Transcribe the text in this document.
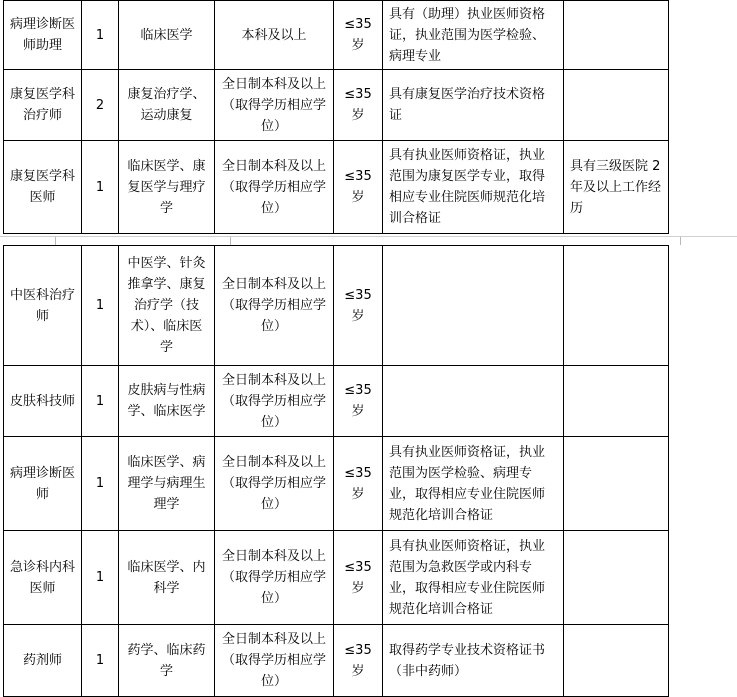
病理诊断医师助理	1	临床医学	本科及以上	≤35 岁	具有（助理）执业医师资格证，执业范围为医学检验、病理专业	
康复医学科治疗师	2	康复治疗学、运动康复	全日制本科及以上（取得学历相应学位）	≤35 岁	具有康复医学治疗技术资格证	
康复医学科医师	1	临床医学、康复医学与理疗学	全日制本科及以上（取得学历相应学位）	≤35 岁	具有执业医师资格证，执业范围为康复医学专业，取得相应专业住院医师规范化培训合格证	具有三级医院 2 年及以上工作经历
中医科治疗师	1	中医学、针灸推拿学、康复治疗学（技术）、临床医学	全日制本科及以上（取得学历相应学位）	≤35岁		
皮肤科技师	1	皮肤病与性病学、临床医学	全日制本科及以上（取得学历相应学位）	≤35岁		
病理诊断医师	1	临床医学、病理学与病理生理学	全日制本科及以上（取得学历相应学位）	≤35岁	具有执业医师资格证，执业范围为医学检验、病理专业，取得相应专业住院医师规范化培训合格证	
急诊科内科医师	1	临床医学、内科学	全日制本科及以上（取得学历相应学位）	≤35岁	具有执业医师资格证，执业范围为急救医学或内科专业，取得相应专业住院医师规范化培训合格证	
药剂师	1	药学、临床药学	全日制本科及以上（取得学历相应学位）	≤35岁	取得药学专业技术资格证书（非中药师）	
